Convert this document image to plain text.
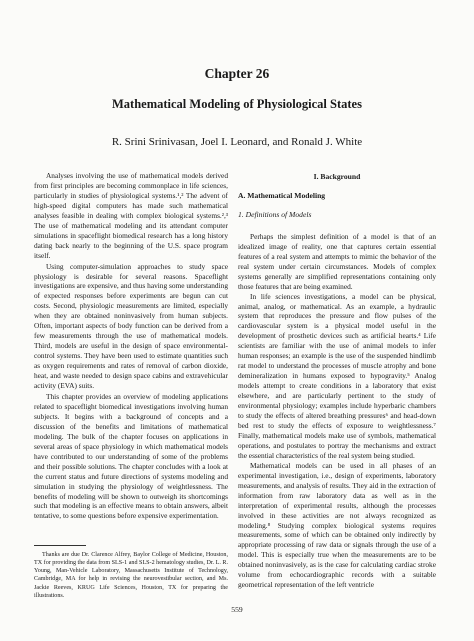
Chapter 26
Mathematical Modeling of Physiological States
R. Srini Srinivasan, Joel I. Leonard, and Ronald J. White

Analyses involving the use of mathematical models derived from first principles are becoming commonplace in life sciences, particularly in studies of physiological systems.¹,² The advent of high-speed digital computers has made such mathematical analyses feasible in dealing with complex biological systems.²,³ The use of mathematical modeling and its attendant computer simulations in spaceflight biomedical research has a long history dating back nearly to the beginning of the U.S. space program itself.

Using computer-simulation approaches to study space physiology is desirable for several reasons. Spaceflight investigations are expensive, and thus having some understanding of expected responses before experiments are begun can cut costs. Second, physiologic measurements are limited, especially when they are obtained noninvasively from human subjects. Often, important aspects of body function can be derived from a few measurements through the use of mathematical models. Third, models are useful in the design of space environmental-control systems. They have been used to estimate quantities such as oxygen requirements and rates of removal of carbon dioxide, heat, and waste needed to design space cabins and extravehicular activity (EVA) suits.

This chapter provides an overview of modeling applications related to spaceflight biomedical investigations involving human subjects. It begins with a background of concepts and a discussion of the benefits and limitations of mathematical modeling. The bulk of the chapter focuses on applications in several areas of space physiology in which mathematical models have contributed to our understanding of some of the problems and their possible solutions. The chapter concludes with a look at the current status and future directions of systems modeling and simulation in studying the physiology of weightlessness. The benefits of modeling will be shown to outweigh its shortcomings such that modeling is an effective means to obtain answers, albeit tentative, to some questions before expensive experimentation.

I. Background
A. Mathematical Modeling
1. Definitions of Models

Perhaps the simplest definition of a model is that of an idealized image of reality, one that captures certain essential features of a real system and attempts to mimic the behavior of the real system under certain circumstances. Models of complex systems generally are simplified representations containing only those features that are being examined.

In life sciences investigations, a model can be physical, animal, analog, or mathematical. As an example, a hydraulic system that reproduces the pressure and flow pulses of the cardiovascular system is a physical model useful in the development of prosthetic devices such as artificial hearts.⁴ Life scientists are familiar with the use of animal models to infer human responses; an example is the use of the suspended hindlimb rat model to understand the processes of muscle atrophy and bone demineralization in humans exposed to hypogravity.⁵ Analog models attempt to create conditions in a laboratory that exist elsewhere, and are particularly pertinent to the study of environmental physiology; examples include hyperbaric chambers to study the effects of altered breathing pressures⁶ and head-down bed rest to study the effects of exposure to weightlessness.⁷ Finally, mathematical models make use of symbols, mathematical operations, and postulates to portray the mechanisms and extract the essential characteristics of the real system being studied.

Mathematical models can be used in all phases of an experimental investigation, i.e., design of experiments, laboratory measurements, and analysis of results. They aid in the extraction of information from raw laboratory data as well as in the interpretation of experimental results, although the processes involved in these activities are not always recognized as modeling.⁸ Studying complex biological systems requires measurements, some of which can be obtained only indirectly by appropriate processing of raw data or signals through the use of a model. This is especially true when the measurements are to be obtained noninvasively, as is the case for calculating cardiac stroke volume from echocardiographic records with a suitable geometrical representation of the left ventricle

Thanks are due Dr. Clarence Alfrey, Baylor College of Medicine, Houston, TX for providing the data from SLS-1 and SLS-2 hematology studies, Dr. L. R. Young, Man-Vehicle Laboratory, Massachusetts Institute of Technology, Cambridge, MA for help in revising the neurovestibular section, and Ms. Jackie Reeves, KRUG Life Sciences, Houston, TX for preparing the illustrations.

559
